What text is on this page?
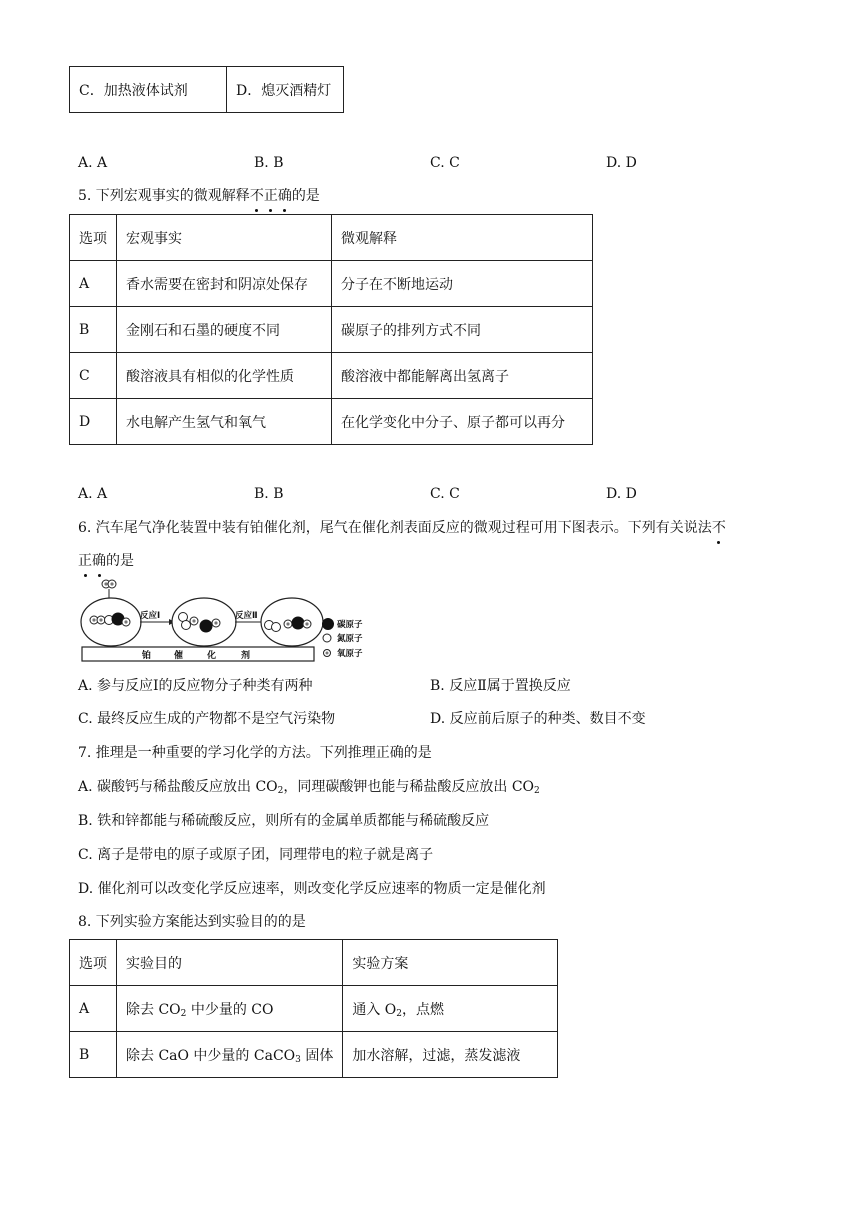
C．加热液体试剂	D．熄灭酒精灯
A. A	B. B	C. C	D. D
5. 下列宏观事实的微观解释不正确的是
选项	宏观事实	微观解释
A	香水需要在密封和阴凉处保存	分子在不断地运动
B	金刚石和石墨的硬度不同	碳原子的排列方式不同
C	酸溶液具有相似的化学性质	酸溶液中都能解离出氢离子
D	水电解产生氢气和氧气	在化学变化中分子、原子都可以再分
A. A	B. B	C. C	D. D
6. 汽车尾气净化装置中装有铂催化剂，尾气在催化剂表面反应的微观过程可用下图表示。下列有关说法不
正确的是
铂	催	化	剂
反应Ⅰ	反应Ⅱ
碳原子
氮原子
氧原子
A. 参与反应Ⅰ的反应物分子种类有两种	B. 反应Ⅱ属于置换反应
C. 最终反应生成的产物都不是空气污染物	D. 反应前后原子的种类、数目不变
7. 推理是一种重要的学习化学的方法。下列推理正确的是
A. 碳酸钙与稀盐酸反应放出 $CO_2$，同理碳酸钾也能与稀盐酸反应放出 $CO_2$
B. 铁和锌都能与稀硫酸反应，则所有的金属单质都能与稀硫酸反应
C. 离子是带电的原子或原子团，同理带电的粒子就是离子
D. 催化剂可以改变化学反应速率，则改变化学反应速率的物质一定是催化剂
8. 下列实验方案能达到实验目的的是
选项	实验目的	实验方案
A	除去 $CO_2$ 中少量的 CO	通入 $O_2$，点燃
B	除去 CaO 中少量的 CaCO$_3$ 固体	加水溶解，过滤，蒸发滤液
